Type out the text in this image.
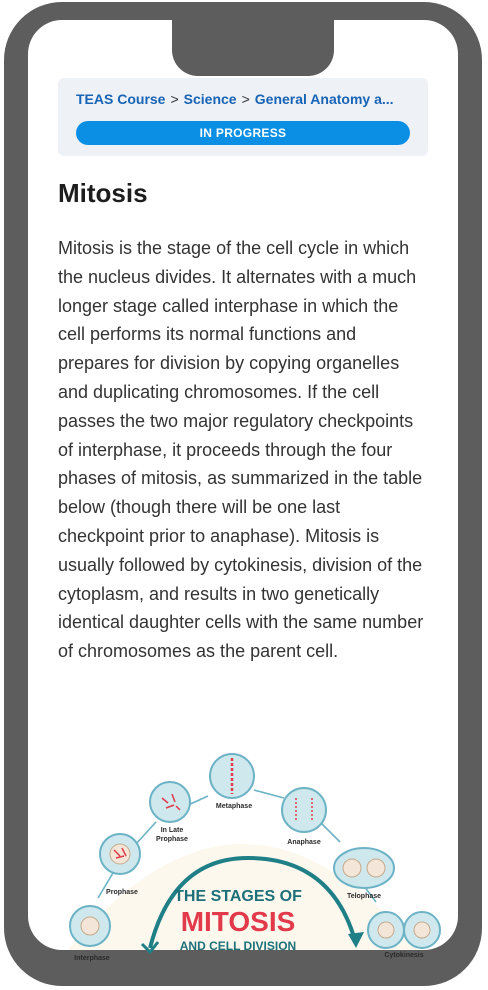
TEAS Course > Science > General Anatomy a...
IN PROGRESS
Mitosis

Mitosis is the stage of the cell cycle in which the nucleus divides. It alternates with a much longer stage called interphase in which the cell performs its normal functions and prepares for division by copying organelles and duplicating chromosomes. If the cell passes the two major regulatory checkpoints of interphase, it proceeds through the four phases of mitosis, as summarized in the table below (though there will be one last checkpoint prior to anaphase). Mitosis is usually followed by cytokinesis, division of the cytoplasm, and results in two genetically identical daughter cells with the same number of chromosomes as the parent cell.

Interphase
Prophase
In Late
Prophase
Metaphase
Anaphase
Telophase
Cytokinesis
THE STAGES OF
MITOSIS
AND CELL DIVISION
